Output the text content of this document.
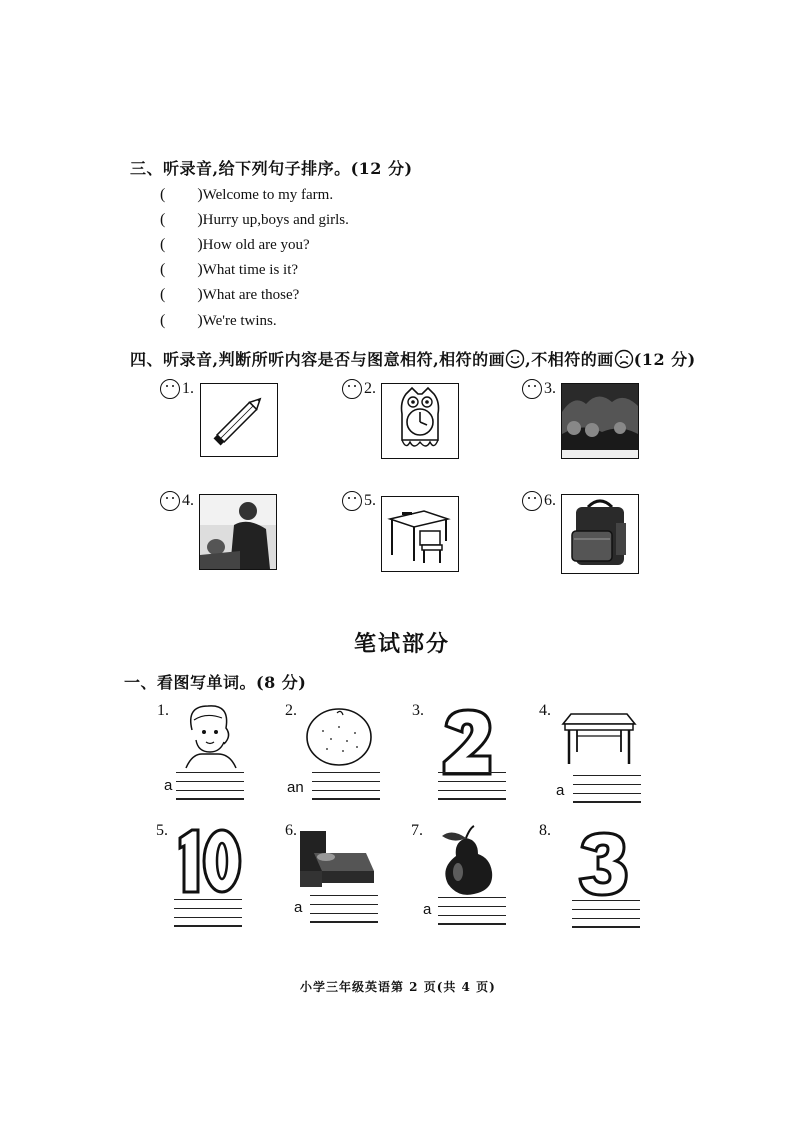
三、听录音,给下列句子排序。(12 分)
(        )Welcome to my farm.
(        )Hurry up,boys and girls.
(        )How old are you?
(        )What time is it?
(        )What are those?
(        )We're twins.
四、听录音,判断所听内容是否与图意相符,相符的画 ,不相符的画 (12 分)
1.	2.	3.
4.	5.	6.
笔试部分
一、看图写单词。(8 分)
1.
a
2.
an
3.	4.
a
5.	6.
a
7.
a
8.
小学三年级英语第 2 页(共 4 页)
